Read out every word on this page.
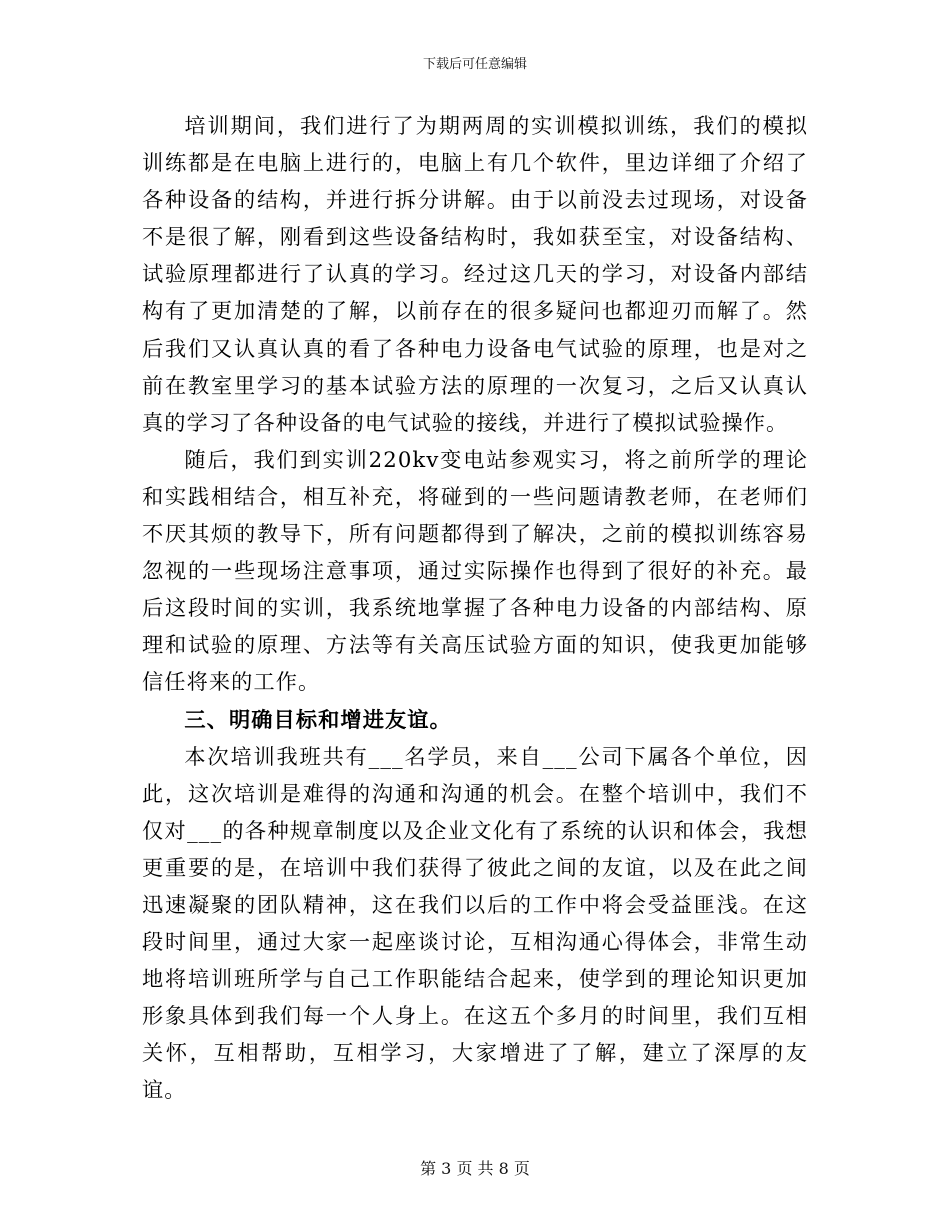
下载后可任意编辑

培训期间，我们进行了为期两周的实训模拟训练，我们的模拟训练都是在电脑上进行的，电脑上有几个软件，里边详细了介绍了各种设备的结构，并进行拆分讲解。由于以前没去过现场，对设备不是很了解，刚看到这些设备结构时，我如获至宝，对设备结构、试验原理都进行了认真的学习。经过这几天的学习，对设备内部结构有了更加清楚的了解，以前存在的很多疑问也都迎刃而解了。然后我们又认真认真的看了各种电力设备电气试验的原理，也是对之前在教室里学习的基本试验方法的原理的一次复习，之后又认真认真的学习了各种设备的电气试验的接线，并进行了模拟试验操作。

随后，我们到实训220kv变电站参观实习，将之前所学的理论和实践相结合，相互补充，将碰到的一些问题请教老师，在老师们不厌其烦的教导下，所有问题都得到了解决，之前的模拟训练容易忽视的一些现场注意事项，通过实际操作也得到了很好的补充。最后这段时间的实训，我系统地掌握了各种电力设备的内部结构、原理和试验的原理、方法等有关高压试验方面的知识，使我更加能够信任将来的工作。

三、明确目标和增进友谊。

本次培训我班共有___名学员，来自___公司下属各个单位，因此，这次培训是难得的沟通和沟通的机会。在整个培训中，我们不仅对___的各种规章制度以及企业文化有了系统的认识和体会，我想更重要的是，在培训中我们获得了彼此之间的友谊，以及在此之间迅速凝聚的团队精神，这在我们以后的工作中将会受益匪浅。在这段时间里，通过大家一起座谈讨论，互相沟通心得体会，非常生动地将培训班所学与自己工作职能结合起来，使学到的理论知识更加形象具体到我们每一个人身上。在这五个多月的时间里，我们互相关怀，互相帮助，互相学习，大家增进了了解，建立了深厚的友谊。

第 3 页 共 8 页
